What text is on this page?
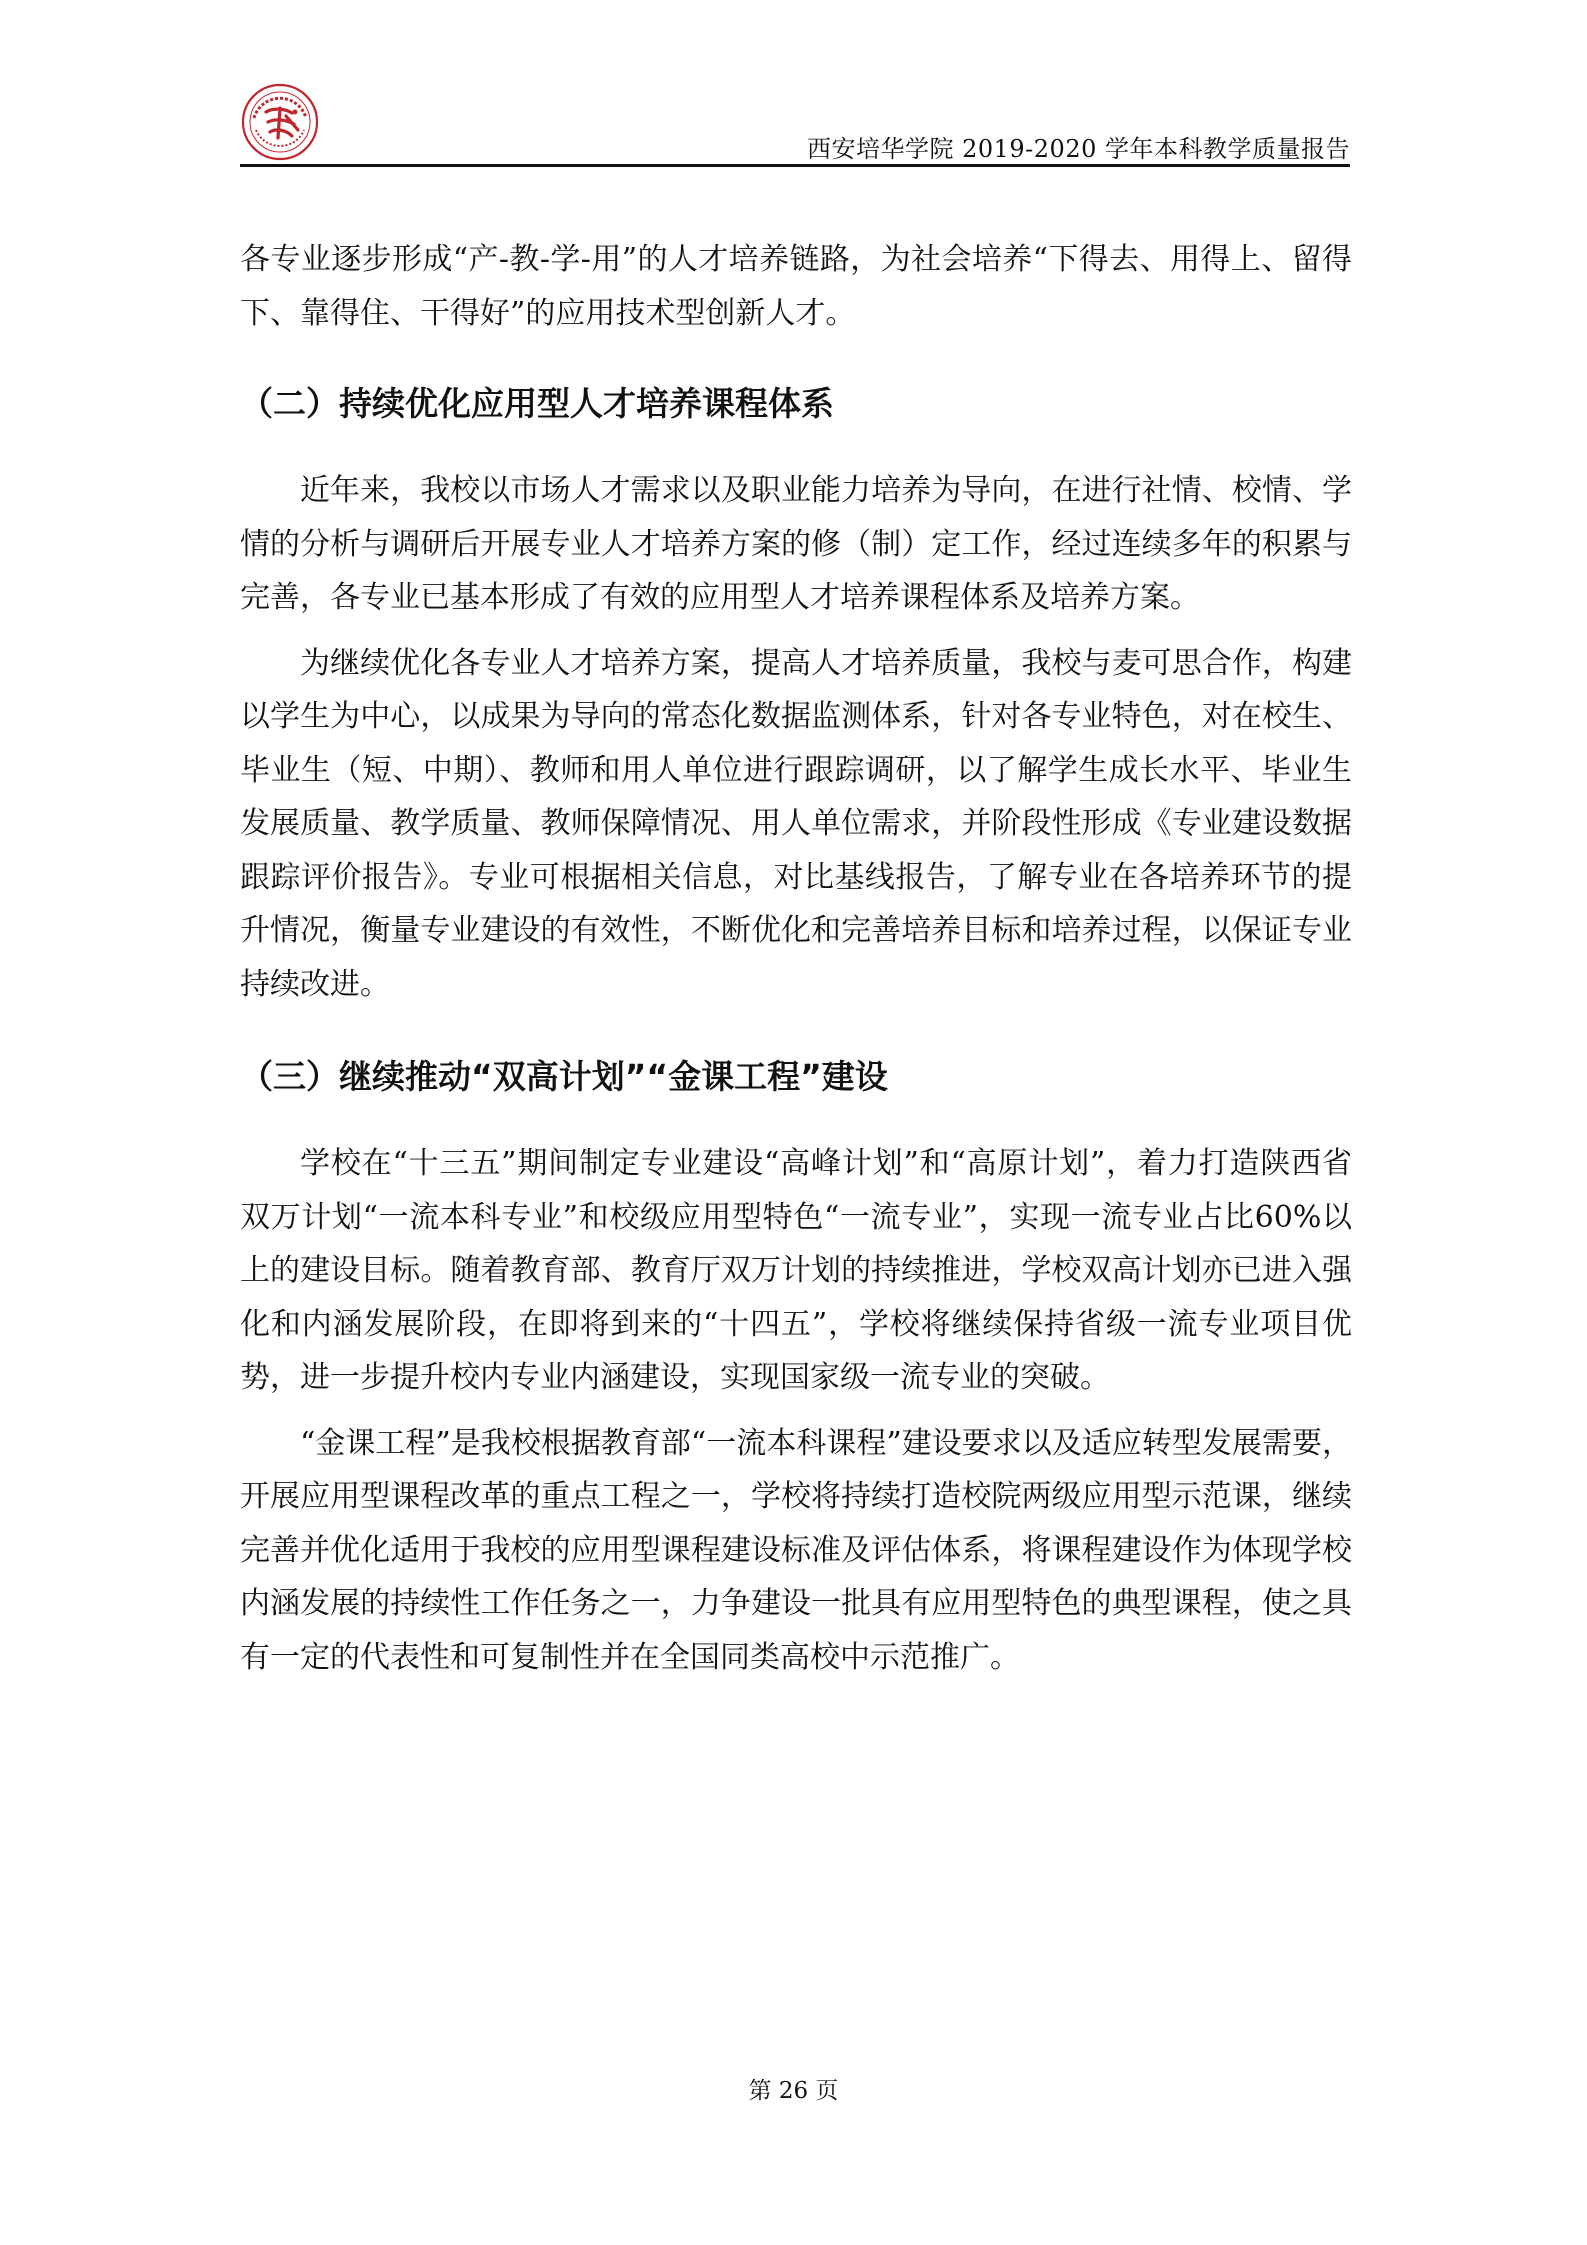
西安培华学院 2019-2020 学年本科教学质量报告

各专业逐步形成“产-教-学-用”的人才培养链路，为社会培养“下得去、用得上、留得下、靠得住、干得好”的应用技术型创新人才。

（二）持续优化应用型人才培养课程体系

近年来，我校以市场人才需求以及职业能力培养为导向，在进行社情、校情、学情的分析与调研后开展专业人才培养方案的修（制）定工作，经过连续多年的积累与完善，各专业已基本形成了有效的应用型人才培养课程体系及培养方案。

为继续优化各专业人才培养方案，提高人才培养质量，我校与麦可思合作，构建以学生为中心，以成果为导向的常态化数据监测体系，针对各专业特色，对在校生、毕业生（短、中期）、教师和用人单位进行跟踪调研，以了解学生成长水平、毕业生发展质量、教学质量、教师保障情况、用人单位需求，并阶段性形成《专业建设数据跟踪评价报告》。专业可根据相关信息，对比基线报告，了解专业在各培养环节的提升情况，衡量专业建设的有效性，不断优化和完善培养目标和培养过程，以保证专业持续改进。

（三）继续推动“双高计划”“金课工程”建设

学校在“十三五”期间制定专业建设“高峰计划”和“高原计划”，着力打造陕西省双万计划“一流本科专业”和校级应用型特色“一流专业”，实现一流专业占比60%以上的建设目标。随着教育部、教育厅双万计划的持续推进，学校双高计划亦已进入强化和内涵发展阶段，在即将到来的“十四五”，学校将继续保持省级一流专业项目优势，进一步提升校内专业内涵建设，实现国家级一流专业的突破。

“金课工程”是我校根据教育部“一流本科课程”建设要求以及适应转型发展需要，开展应用型课程改革的重点工程之一，学校将持续打造校院两级应用型示范课，继续完善并优化适用于我校的应用型课程建设标准及评估体系，将课程建设作为体现学校内涵发展的持续性工作任务之一，力争建设一批具有应用型特色的典型课程，使之具有一定的代表性和可复制性并在全国同类高校中示范推广。

第 26 页
